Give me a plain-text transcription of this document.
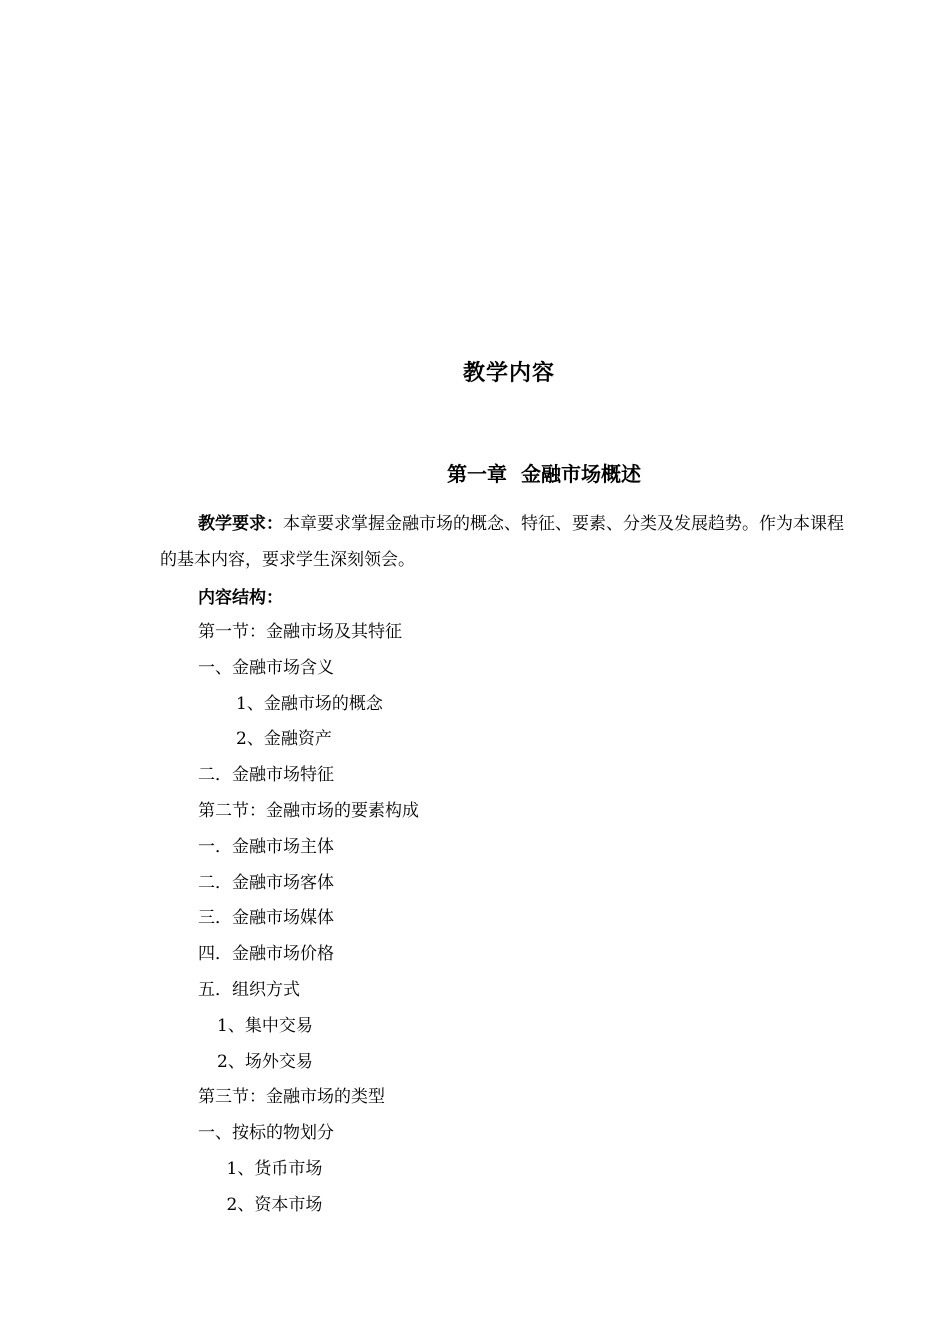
教学内容
第一章  金融市场概述
教学要求：本章要求掌握金融市场的概念、特征、要素、分类及发展趋势。作为本课程的基本内容，要求学生深刻领会。
内容结构：
第一节：金融市场及其特征
一、金融市场含义
1、金融市场的概念
2、金融资产
二．金融市场特征
第二节：金融市场的要素构成
一．金融市场主体
二．金融市场客体
三．金融市场媒体
四．金融市场价格
五．组织方式
1、集中交易
2、场外交易
第三节：金融市场的类型
一、按标的物划分
1、货币市场
2、资本市场
